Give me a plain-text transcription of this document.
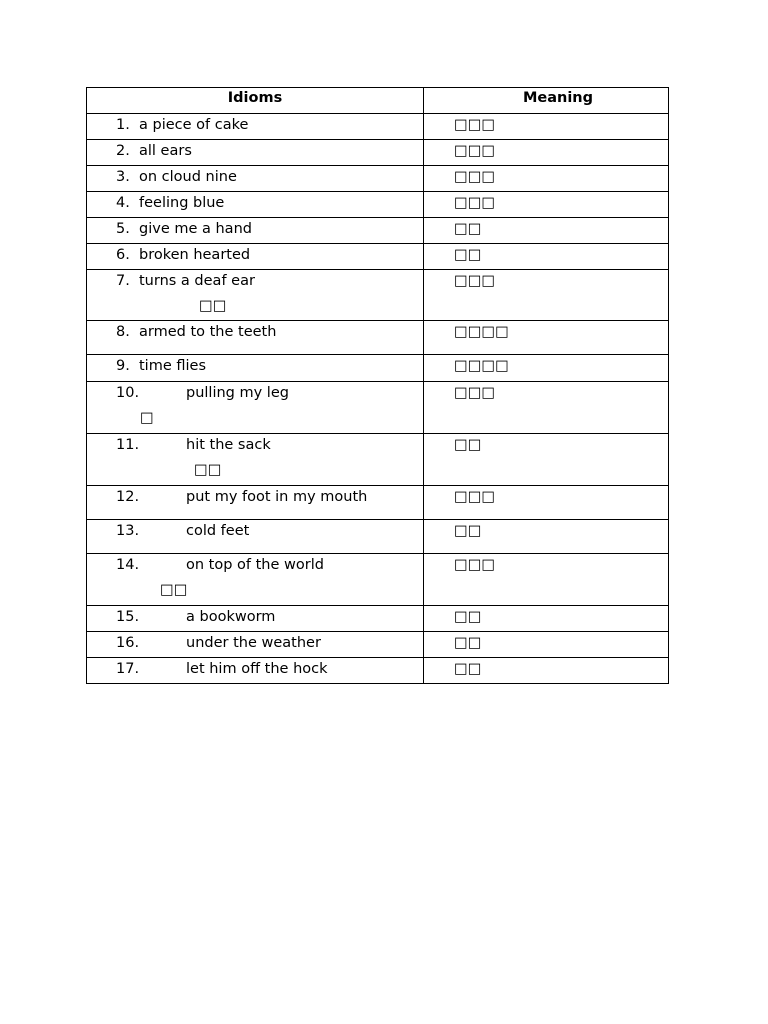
Idioms	Meaning

1. a piece of cake	□□□

2. all ears	□□□

3. on cloud nine	□□□

4. feeling blue	□□□

5. give me a hand	□□

6. broken hearted	□□

7. turns a deaf ear
□□	□□□

8. armed to the teeth	□□□□

9. time flies	□□□□

10. pulling my leg
□	□□□

11. hit the sack
□□	□□

12. put my foot in my mouth	□□□

13. cold feet	□□

14. on top of the world
□□	□□□

15. a bookworm	□□

16. under the weather	□□

17. let him off the hock	□□
